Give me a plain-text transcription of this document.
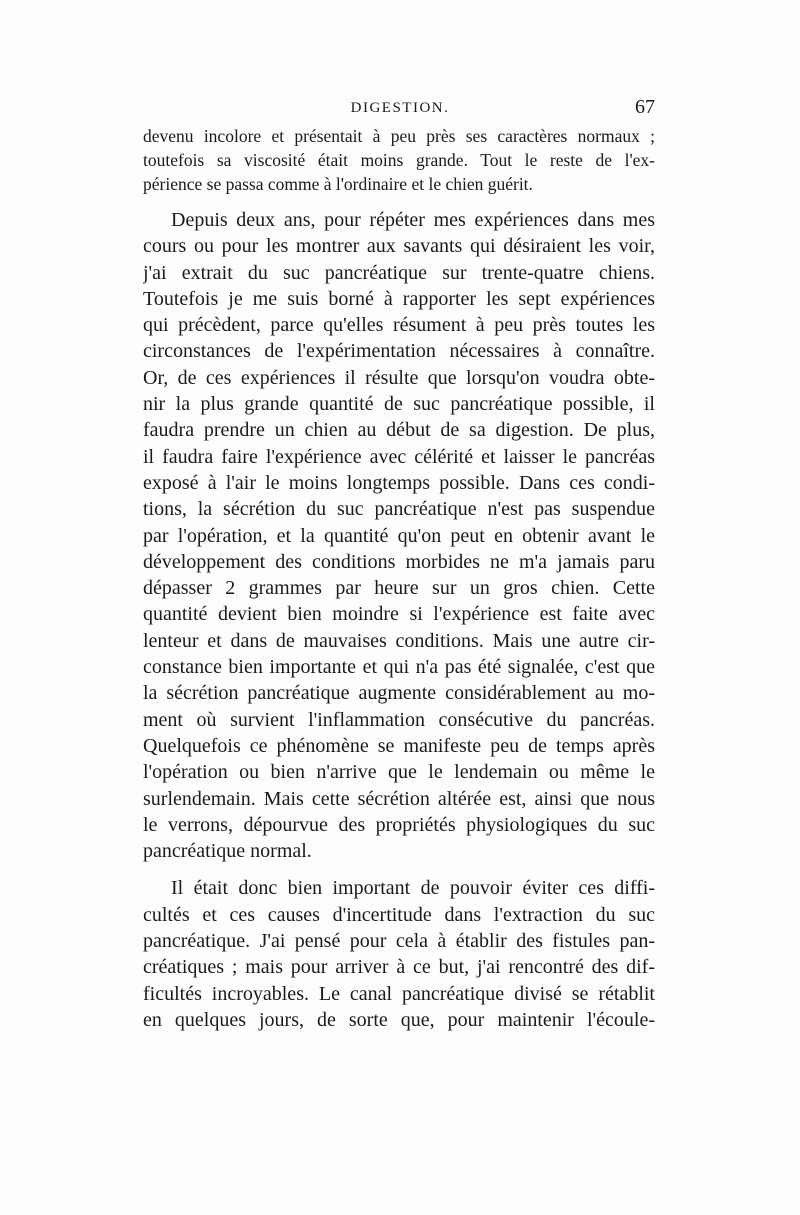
DIGESTION.	67
devenu incolore et présentait à peu près ses caractères normaux ;
toutefois sa viscosité était moins grande. Tout le reste de l'ex-
périence se passa comme à l'ordinaire et le chien guérit.
Depuis deux ans, pour répéter mes expériences dans mes
cours ou pour les montrer aux savants qui désiraient les voir,
j'ai extrait du suc pancréatique sur trente-quatre chiens.
Toutefois je me suis borné à rapporter les sept expériences
qui précèdent, parce qu'elles résument à peu près toutes les
circonstances de l'expérimentation nécessaires à connaître.
Or, de ces expériences il résulte que lorsqu'on voudra obte-
nir la plus grande quantité de suc pancréatique possible, il
faudra prendre un chien au début de sa digestion. De plus,
il faudra faire l'expérience avec célérité et laisser le pancréas
exposé à l'air le moins longtemps possible. Dans ces condi-
tions, la sécrétion du suc pancréatique n'est pas suspendue
par l'opération, et la quantité qu'on peut en obtenir avant le
développement des conditions morbides ne m'a jamais paru
dépasser 2 grammes par heure sur un gros chien. Cette
quantité devient bien moindre si l'expérience est faite avec
lenteur et dans de mauvaises conditions. Mais une autre cir-
constance bien importante et qui n'a pas été signalée, c'est que
la sécrétion pancréatique augmente considérablement au mo-
ment où survient l'inflammation consécutive du pancréas.
Quelquefois ce phénomène se manifeste peu de temps après
l'opération ou bien n'arrive que le lendemain ou même le
surlendemain. Mais cette sécrétion altérée est, ainsi que nous
le verrons, dépourvue des propriétés physiologiques du suc
pancréatique normal.
Il était donc bien important de pouvoir éviter ces diffi-
cultés et ces causes d'incertitude dans l'extraction du suc
pancréatique. J'ai pensé pour cela à établir des fistules pan-
créatiques ; mais pour arriver à ce but, j'ai rencontré des dif-
ficultés incroyables. Le canal pancréatique divisé se rétablit
en quelques jours, de sorte que, pour maintenir l'écoule-
